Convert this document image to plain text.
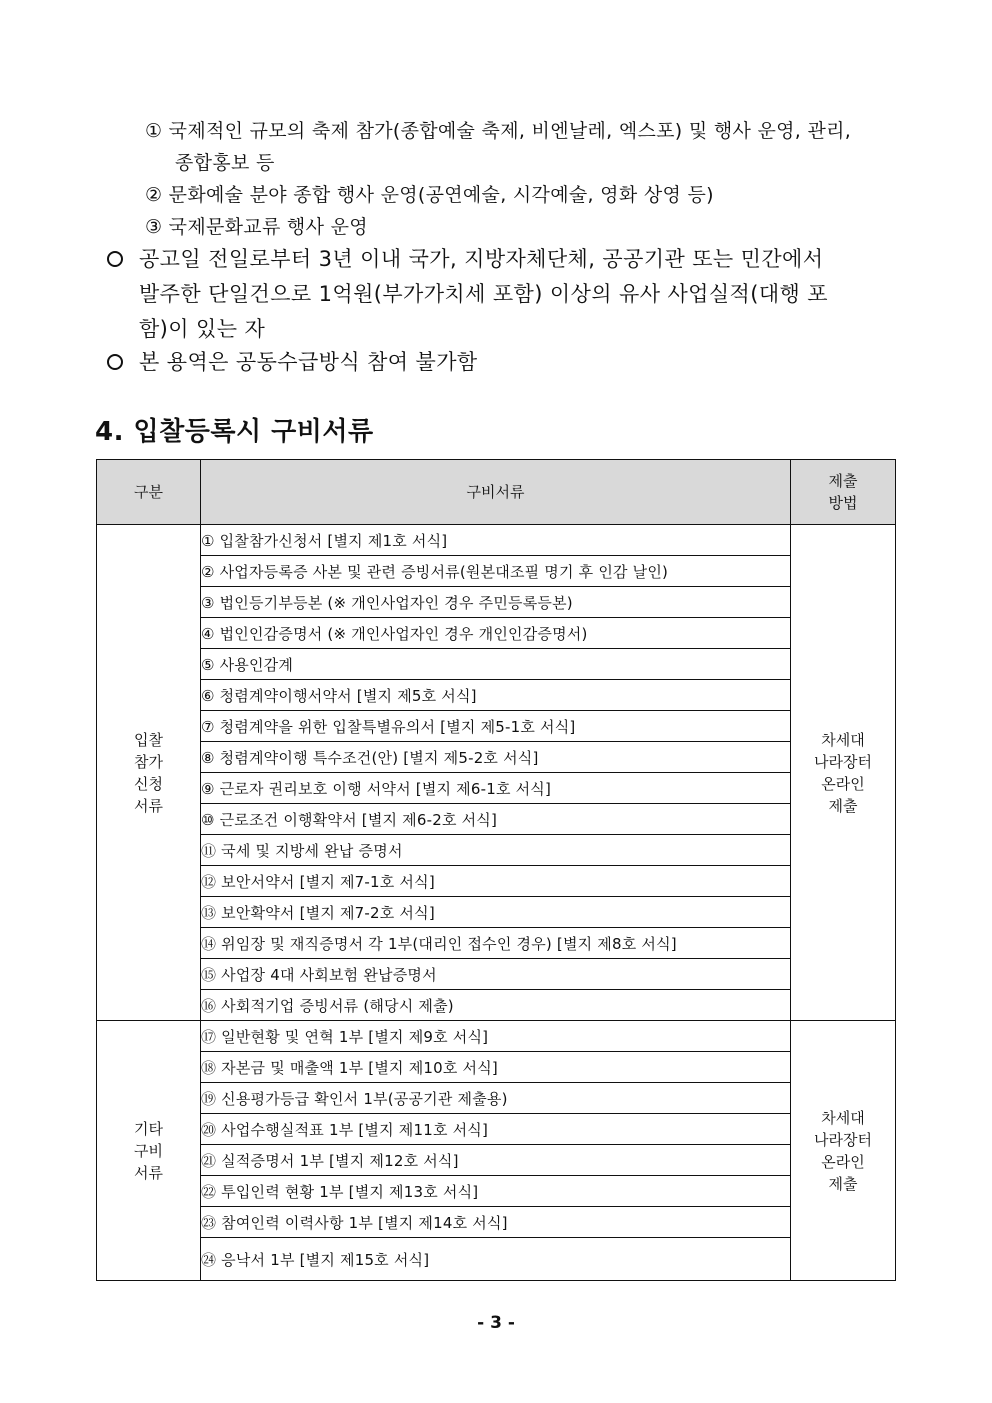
① 국제적인 규모의 축제 참가(종합예술 축제, 비엔날레, 엑스포) 및 행사 운영, 관리,
종합홍보 등
② 문화예술 분야 종합 행사 운영(공연예술, 시각예술, 영화 상영 등)
③ 국제문화교류 행사 운영
공고일 전일로부터 3년 이내 국가, 지방자체단체, 공공기관 또는 민간에서
발주한 단일건으로 1억원(부가가치세 포함) 이상의 유사 사업실적(대행 포
함)이 있는 자
본 용역은 공동수급방식 참여 불가함
4. 입찰등록시 구비서류
구분	구비서류	제출
방법
입찰
참가
신청
서류	① 입찰참가신청서 [별지 제1호 서식]	차세대
나라장터
온라인
제출
	② 사업자등록증 사본 및 관련 증빙서류(원본대조필 명기 후 인감 날인)	
	③ 법인등기부등본 (※ 개인사업자인 경우 주민등록등본)	
	④ 법인인감증명서 (※ 개인사업자인 경우 개인인감증명서)	
	⑤ 사용인감계	
	⑥ 청렴계약이행서약서 [별지 제5호 서식]	
	⑦ 청렴계약을 위한 입찰특별유의서 [별지 제5-1호 서식]	
	⑧ 청렴계약이행 특수조건(안) [별지 제5-2호 서식]	
	⑨ 근로자 권리보호 이행 서약서 [별지 제6-1호 서식]	
	⑩ 근로조건 이행확약서 [별지 제6-2호 서식]	
	⑪ 국세 및 지방세 완납 증명서	
	⑫ 보안서약서 [별지 제7-1호 서식]	
	⑬ 보안확약서 [별지 제7-2호 서식]	
	⑭ 위임장 및 재직증명서 각 1부(대리인 접수인 경우) [별지 제8호 서식]	
	⑮ 사업장 4대 사회보험 완납증명서	
	⑯ 사회적기업 증빙서류 (해당시 제출)	
기타
구비
서류	⑰ 일반현황 및 연혁 1부 [별지 제9호 서식]	차세대
나라장터
온라인
제출
	⑱ 자본금 및 매출액 1부 [별지 제10호 서식]	
	⑲ 신용평가등급 확인서 1부(공공기관 제출용)	
	⑳ 사업수행실적표 1부 [별지 제11호 서식]	
	㉑ 실적증명서 1부 [별지 제12호 서식]	
	㉒ 투입인력 현황 1부 [별지 제13호 서식]	
	㉓ 참여인력 이력사항 1부 [별지 제14호 서식]	
	㉔ 응낙서 1부 [별지 제15호 서식]	
- 3 -
